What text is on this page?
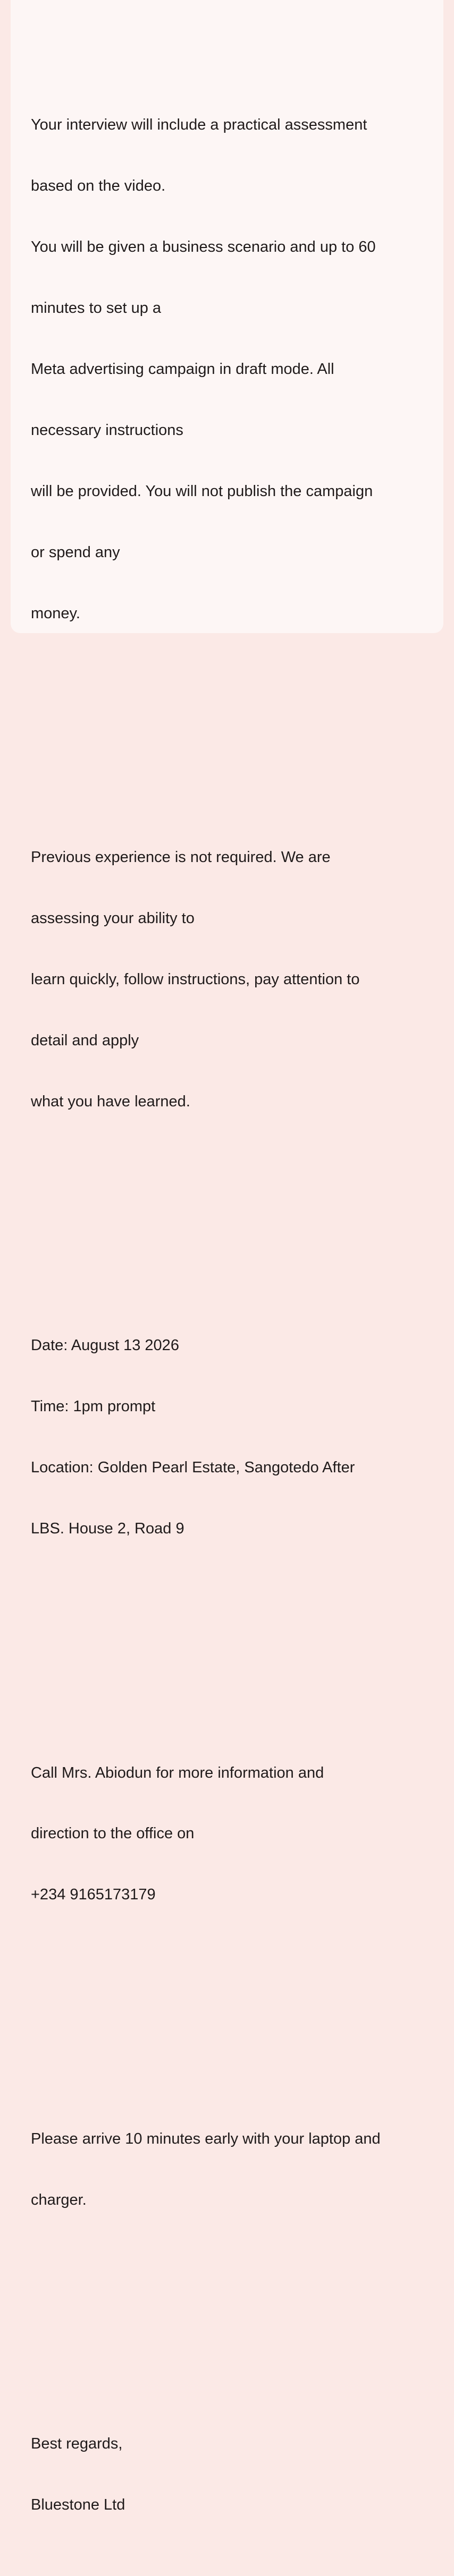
Your interview will include a practical assessment

based on the video.

You will be given a business scenario and up to 60

minutes to set up a

Meta advertising campaign in draft mode. All

necessary instructions

will be provided. You will not publish the campaign

or spend any

money.

Previous experience is not required. We are

assessing your ability to

learn quickly, follow instructions, pay attention to

detail and apply

what you have learned.

Date: August 13 2026

Time: 1pm prompt

Location: Golden Pearl Estate, Sangotedo After

LBS. House 2, Road 9

Call Mrs. Abiodun for more information and

direction to the office on

+234 9165173179

Please arrive 10 minutes early with your laptop and

charger.

Best regards,

Bluestone Ltd
